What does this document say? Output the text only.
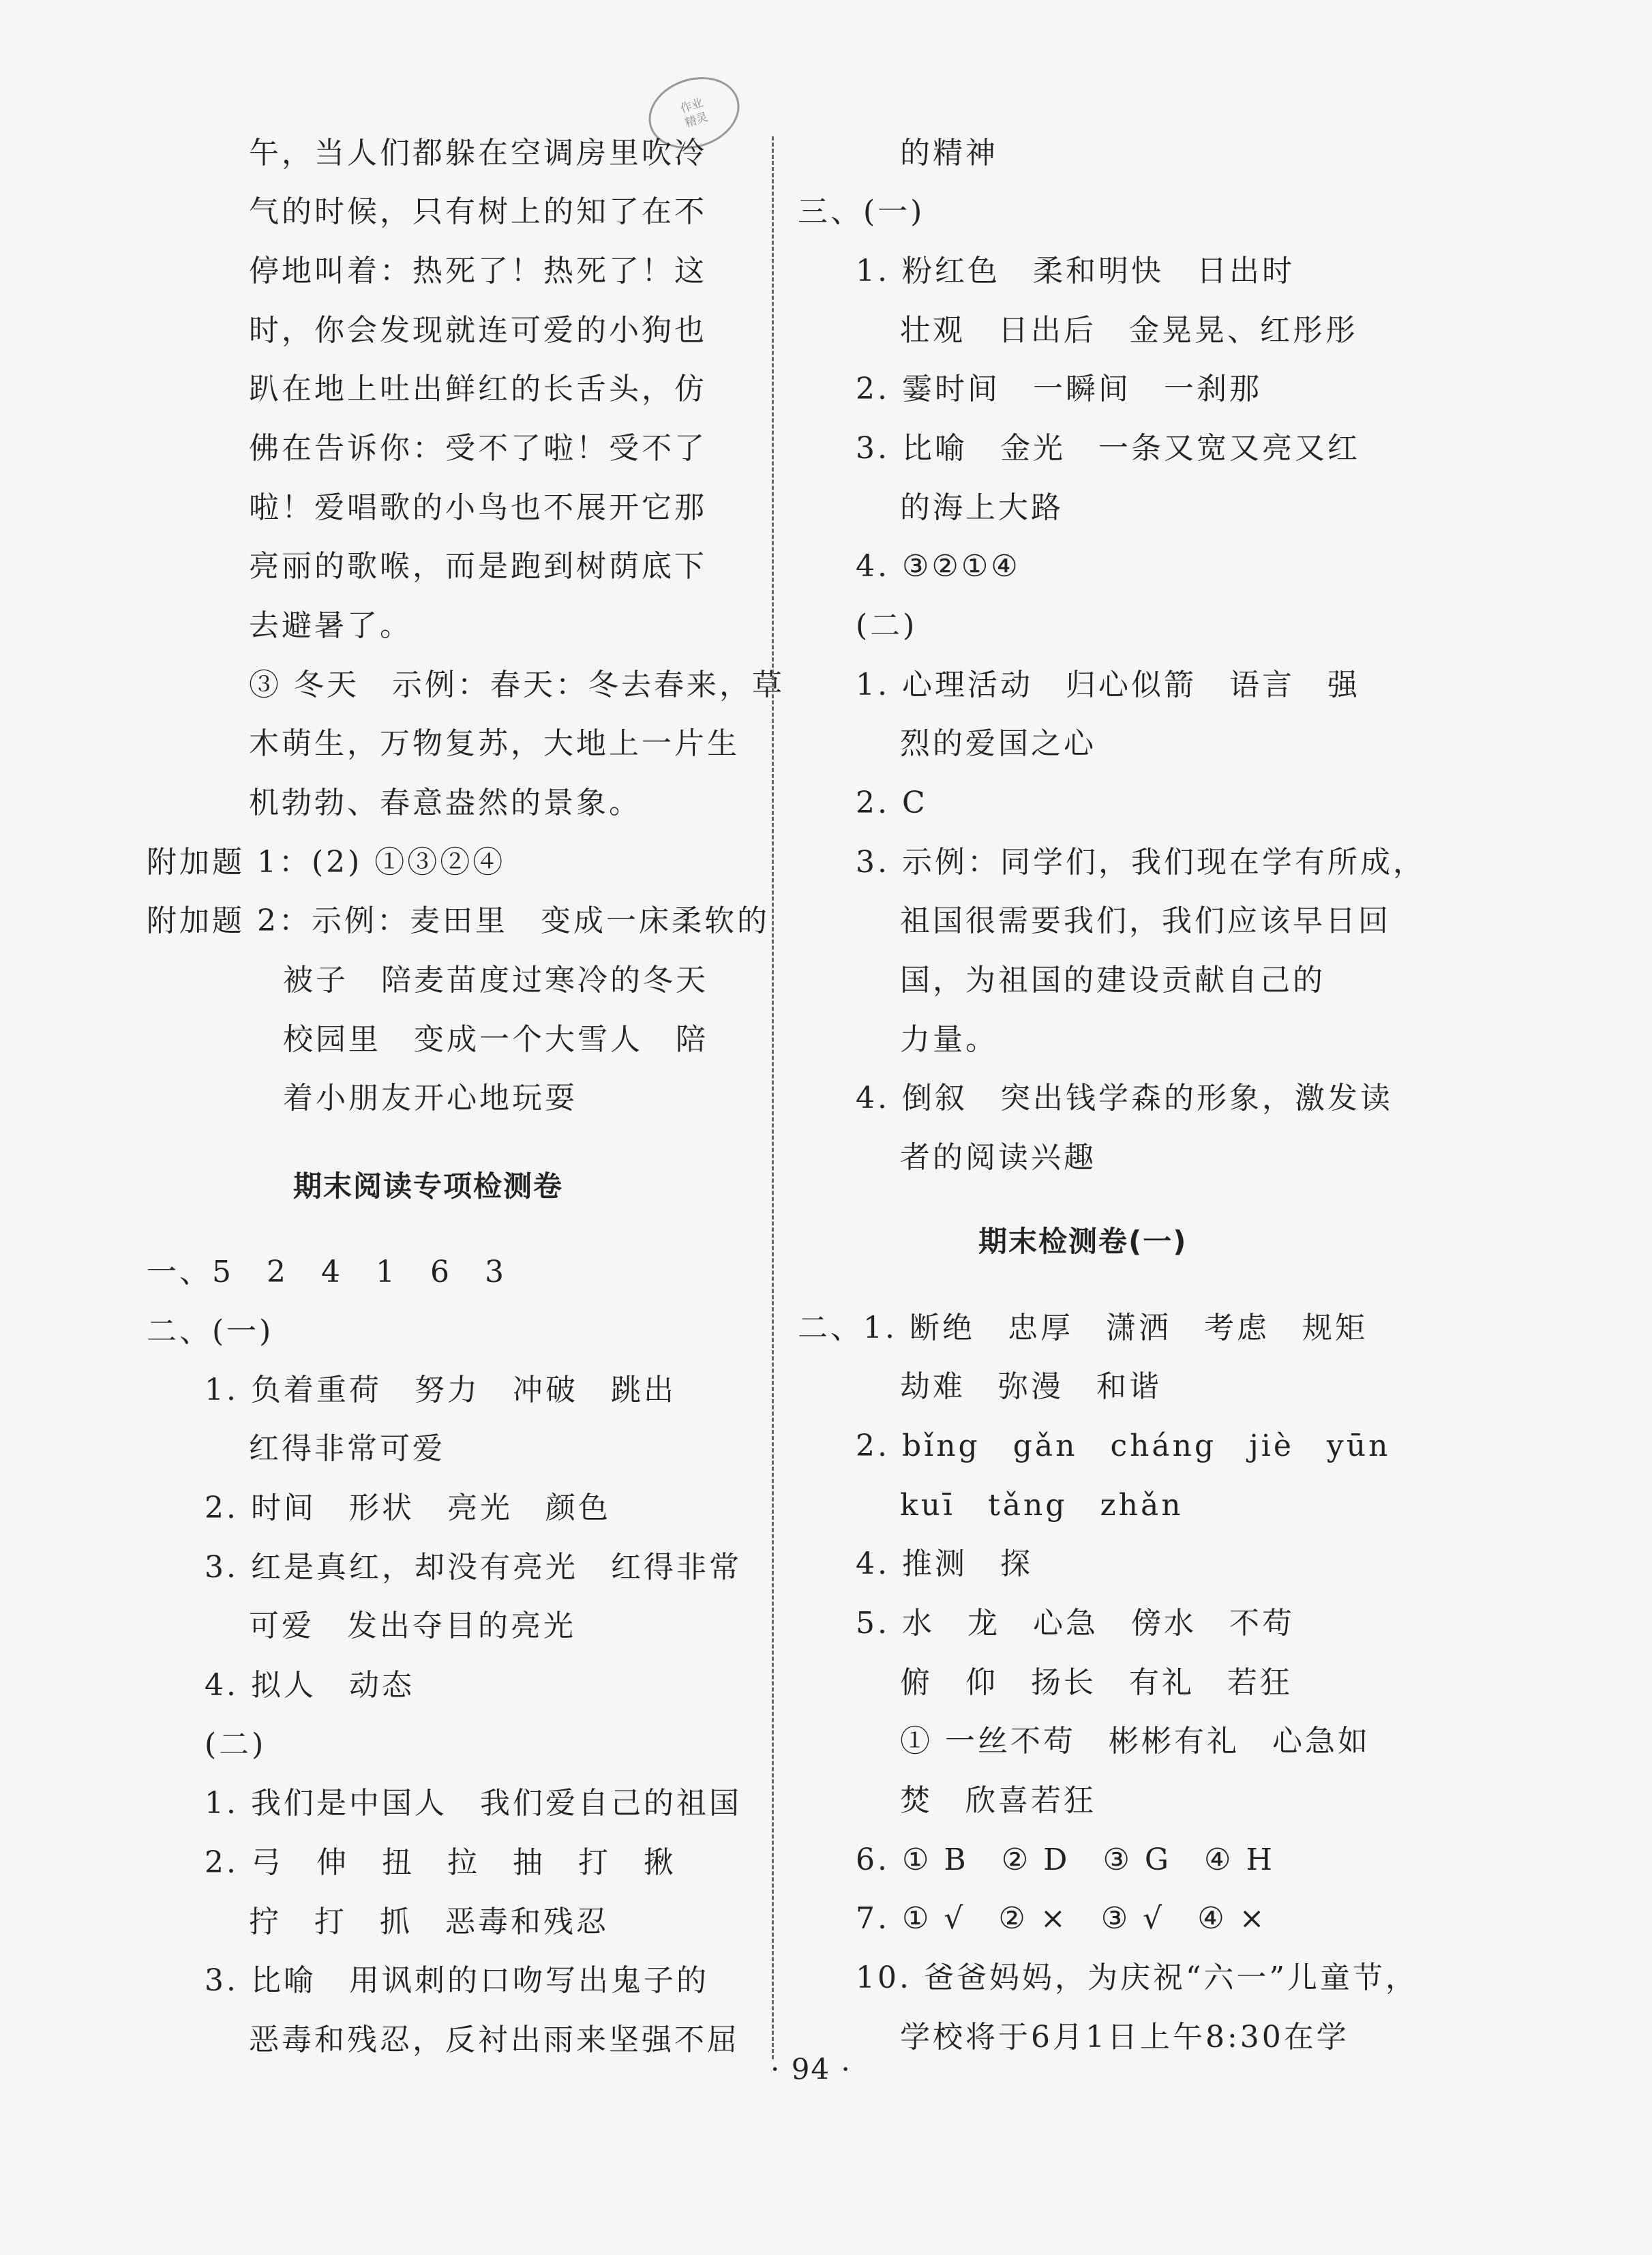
作业
精灵
午，当人们都躲在空调房里吹冷
气的时候，只有树上的知了在不
停地叫着：热死了！热死了！这
时，你会发现就连可爱的小狗也
趴在地上吐出鲜红的长舌头，仿
佛在告诉你：受不了啦！受不了
啦！爱唱歌的小鸟也不展开它那
亮丽的歌喉，而是跑到树荫底下
去避暑了。
③ 冬天　示例：春天：冬去春来，草
木萌生，万物复苏，大地上一片生
机勃勃、春意盎然的景象。
附加题 1：(2) ①③②④
附加题 2：示例：麦田里　变成一床柔软的
被子　陪麦苗度过寒冷的冬天
校园里　变成一个大雪人　陪
着小朋友开心地玩耍
期末阅读专项检测卷
一、5　2　4　1　6　3
二、(一)
1. 负着重荷　努力　冲破　跳出
红得非常可爱
2. 时间　形状　亮光　颜色
3. 红是真红，却没有亮光　红得非常
可爱　发出夺目的亮光
4. 拟人　动态
(二)
1. 我们是中国人　我们爱自己的祖国
2. 弓　伸　扭　拉　抽　打　揪
拧　打　抓　恶毒和残忍
3. 比喻　用讽刺的口吻写出鬼子的
恶毒和残忍，反衬出雨来坚强不屈
的精神
三、(一)
1. 粉红色　柔和明快　日出时
壮观　日出后　金晃晃、红彤彤
2. 霎时间　一瞬间　一刹那
3. 比喻　金光　一条又宽又亮又红
的海上大路
4. ③②①④
(二)
1. 心理活动　归心似箭　语言　强
烈的爱国之心
2. C
3. 示例：同学们，我们现在学有所成，
祖国很需要我们，我们应该早日回
国，为祖国的建设贡献自己的
力量。
4. 倒叙　突出钱学森的形象，激发读
者的阅读兴趣
期末检测卷(一)
二、1. 断绝　忠厚　潇洒　考虑　规矩
劫难　弥漫　和谐
2. bǐng　gǎn　cháng　jiè　yūn
kuī　tǎng　zhǎn
4. 推测　探
5. 水　龙　心急　傍水　不苟
俯　仰　扬长　有礼　若狂
① 一丝不苟　彬彬有礼　心急如
焚　欣喜若狂
6. ① B　② D　③ G　④ H
7. ① √　② ×　③ √　④ ×
10. 爸爸妈妈，为庆祝“六一”儿童节，
学校将于6月1日上午8:30在学
· 94 ·
